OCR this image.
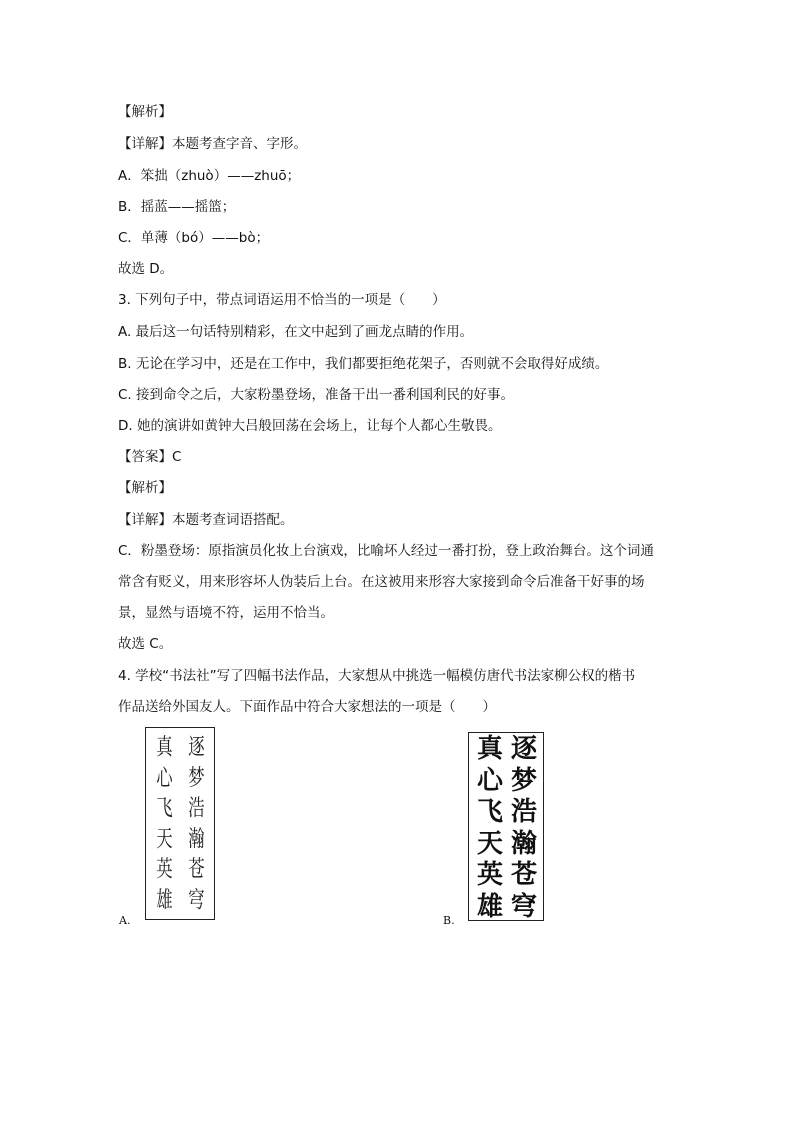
【解析】
【详解】本题考查字音、字形。
A．笨拙（zhuò）——zhuō；
B．摇蓝——摇篮；
C．单薄（bó）——bò；
故选 D。
3. 下列句子中，带点词语运用不恰当的一项是（　　）
A. 最后这一句话特别精彩，在文中起到了画龙点睛的作用。
B. 无论在学习中，还是在工作中，我们都要拒绝花架子，否则就不会取得好成绩。
C. 接到命令之后，大家粉墨登场，准备干出一番利国利民的好事。
D. 她的演讲如黄钟大吕般回荡在会场上，让每个人都心生敬畏。
【答案】C
【解析】
【详解】本题考查词语搭配。
C．粉墨登场：原指演员化妆上台演戏，比喻坏人经过一番打扮，登上政治舞台。这个词通
常含有贬义，用来形容坏人伪装后上台。在这被用来形容大家接到命令后准备干好事的场
景，显然与语境不符，运用不恰当。
故选 C。
4. 学校“书法社”写了四幅书法作品，大家想从中挑选一幅模仿唐代书法家柳公权的楷书
作品送给外国友人。下面作品中符合大家想法的一项是（　　）
逐
梦
浩
瀚
苍
穹
真
心
飞
天
英
雄
A.
逐
梦
浩
瀚
苍
穹
真
心
飞
天
英
雄
B.
